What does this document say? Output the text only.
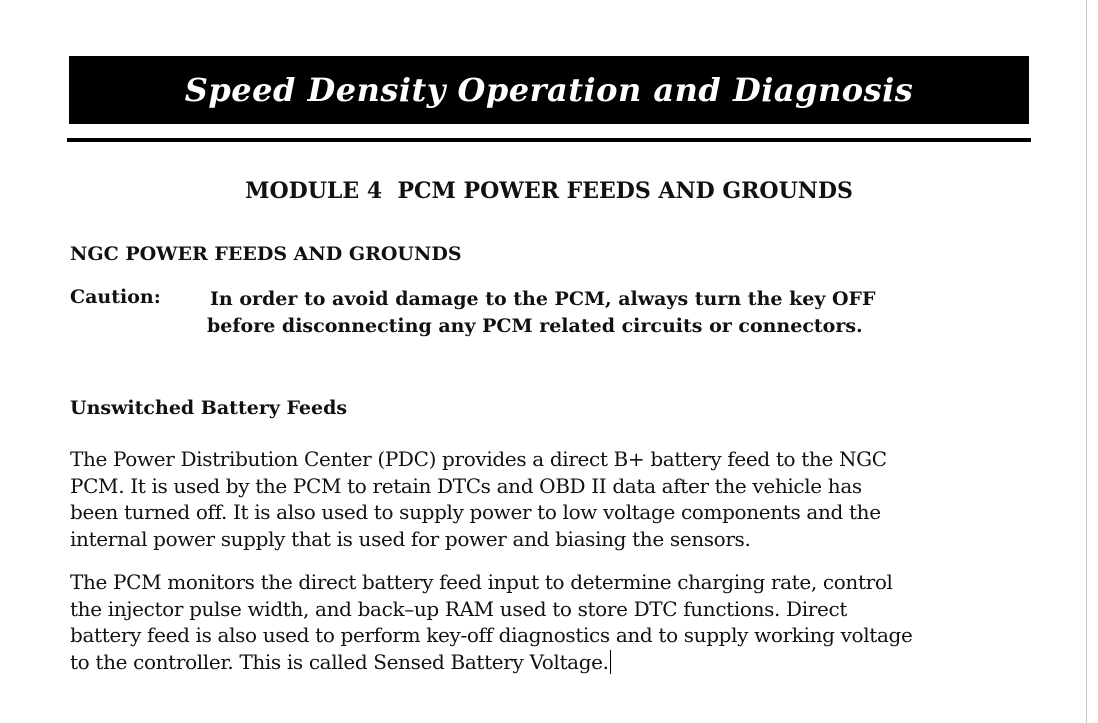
Speed Density Operation and Diagnosis
MODULE 4  PCM POWER FEEDS AND GROUNDS
NGC POWER FEEDS AND GROUNDS
Caution:	In order to avoid damage to the PCM, always turn the key OFF
before disconnecting any PCM related circuits or connectors.
Unswitched Battery Feeds
The Power Distribution Center (PDC) provides a direct B+ battery feed to the NGC
PCM. It is used by the PCM to retain DTCs and OBD II data after the vehicle has
been turned off. It is also used to supply power to low voltage components and the
internal power supply that is used for power and biasing the sensors.
The PCM monitors the direct battery feed input to determine charging rate, control
the injector pulse width, and back–up RAM used to store DTC functions. Direct
battery feed is also used to perform key-off diagnostics and to supply working voltage
to the controller. This is called Sensed Battery Voltage.
